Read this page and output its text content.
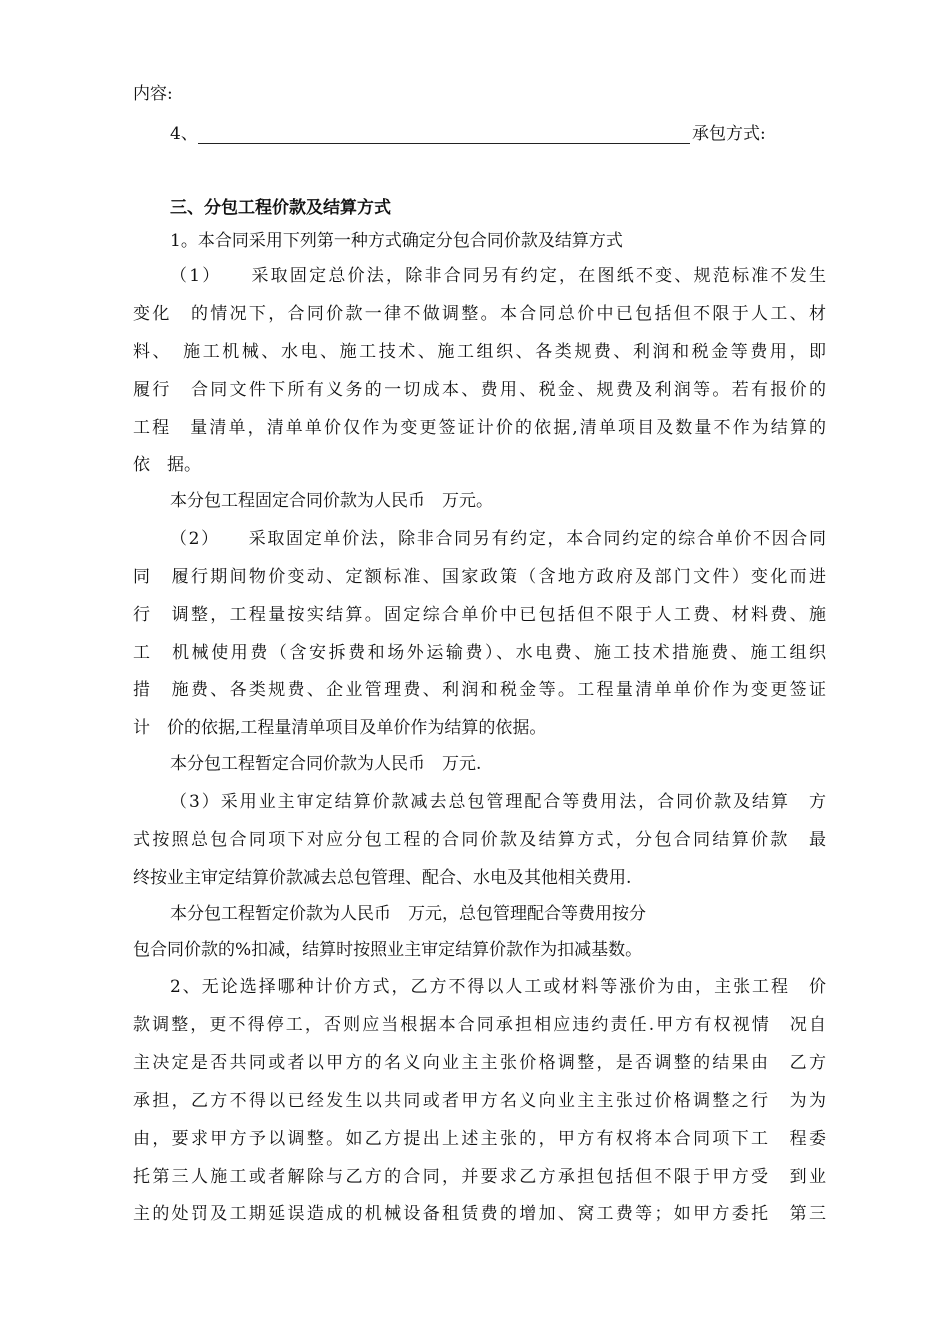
内容:
4、	承包方式:
三、分包工程价款及结算方式
1。本合同采用下列第一种方式确定分包合同价款及结算方式
（1）　　采取固定总价法，除非合同另有约定，在图纸不变、规范标准不发生
变化　的情况下，合同价款一律不做调整。本合同总价中已包括但不限于人工、材
料、　施工机械、水电、施工技术、施工组织、各类规费、利润和税金等费用，即
履行　合同文件下所有义务的一切成本、费用、税金、规费及利润等。若有报价的
工程　量清单，清单单价仅作为变更签证计价的依据,清单项目及数量不作为结算的
依　据。
本分包工程固定合同价款为人民币　万元。
（2）　　采取固定单价法，除非合同另有约定，本合同约定的综合单价不因合同
同　履行期间物价变动、定额标准、国家政策（含地方政府及部门文件）变化而进
行　调整，工程量按实结算。固定综合单价中已包括但不限于人工费、材料费、施
工　机械使用费（含安拆费和场外运输费）、水电费、施工技术措施费、施工组织
措　施费、各类规费、企业管理费、利润和税金等。工程量清单单价作为变更签证
计　价的依据,工程量清单项目及单价作为结算的依据。
本分包工程暂定合同价款为人民币　万元.
（3）采用业主审定结算价款减去总包管理配合等费用法，合同价款及结算　方
式按照总包合同项下对应分包工程的合同价款及结算方式，分包合同结算价款　最
终按业主审定结算价款减去总包管理、配合、水电及其他相关费用.
本分包工程暂定价款为人民币　万元，总包管理配合等费用按分
包合同价款的%扣减，结算时按照业主审定结算价款作为扣减基数。
2、无论选择哪种计价方式，乙方不得以人工或材料等涨价为由，主张工程　价
款调整，更不得停工，否则应当根据本合同承担相应违约责任.甲方有权视情　况自
主决定是否共同或者以甲方的名义向业主主张价格调整，是否调整的结果由　乙方
承担，乙方不得以已经发生以共同或者甲方名义向业主主张过价格调整之行　为为
由，要求甲方予以调整。如乙方提出上述主张的，甲方有权将本合同项下工　程委
托第三人施工或者解除与乙方的合同，并要求乙方承担包括但不限于甲方受　到业
主的处罚及工期延误造成的机械设备租赁费的增加、窝工费等；如甲方委托　第三
